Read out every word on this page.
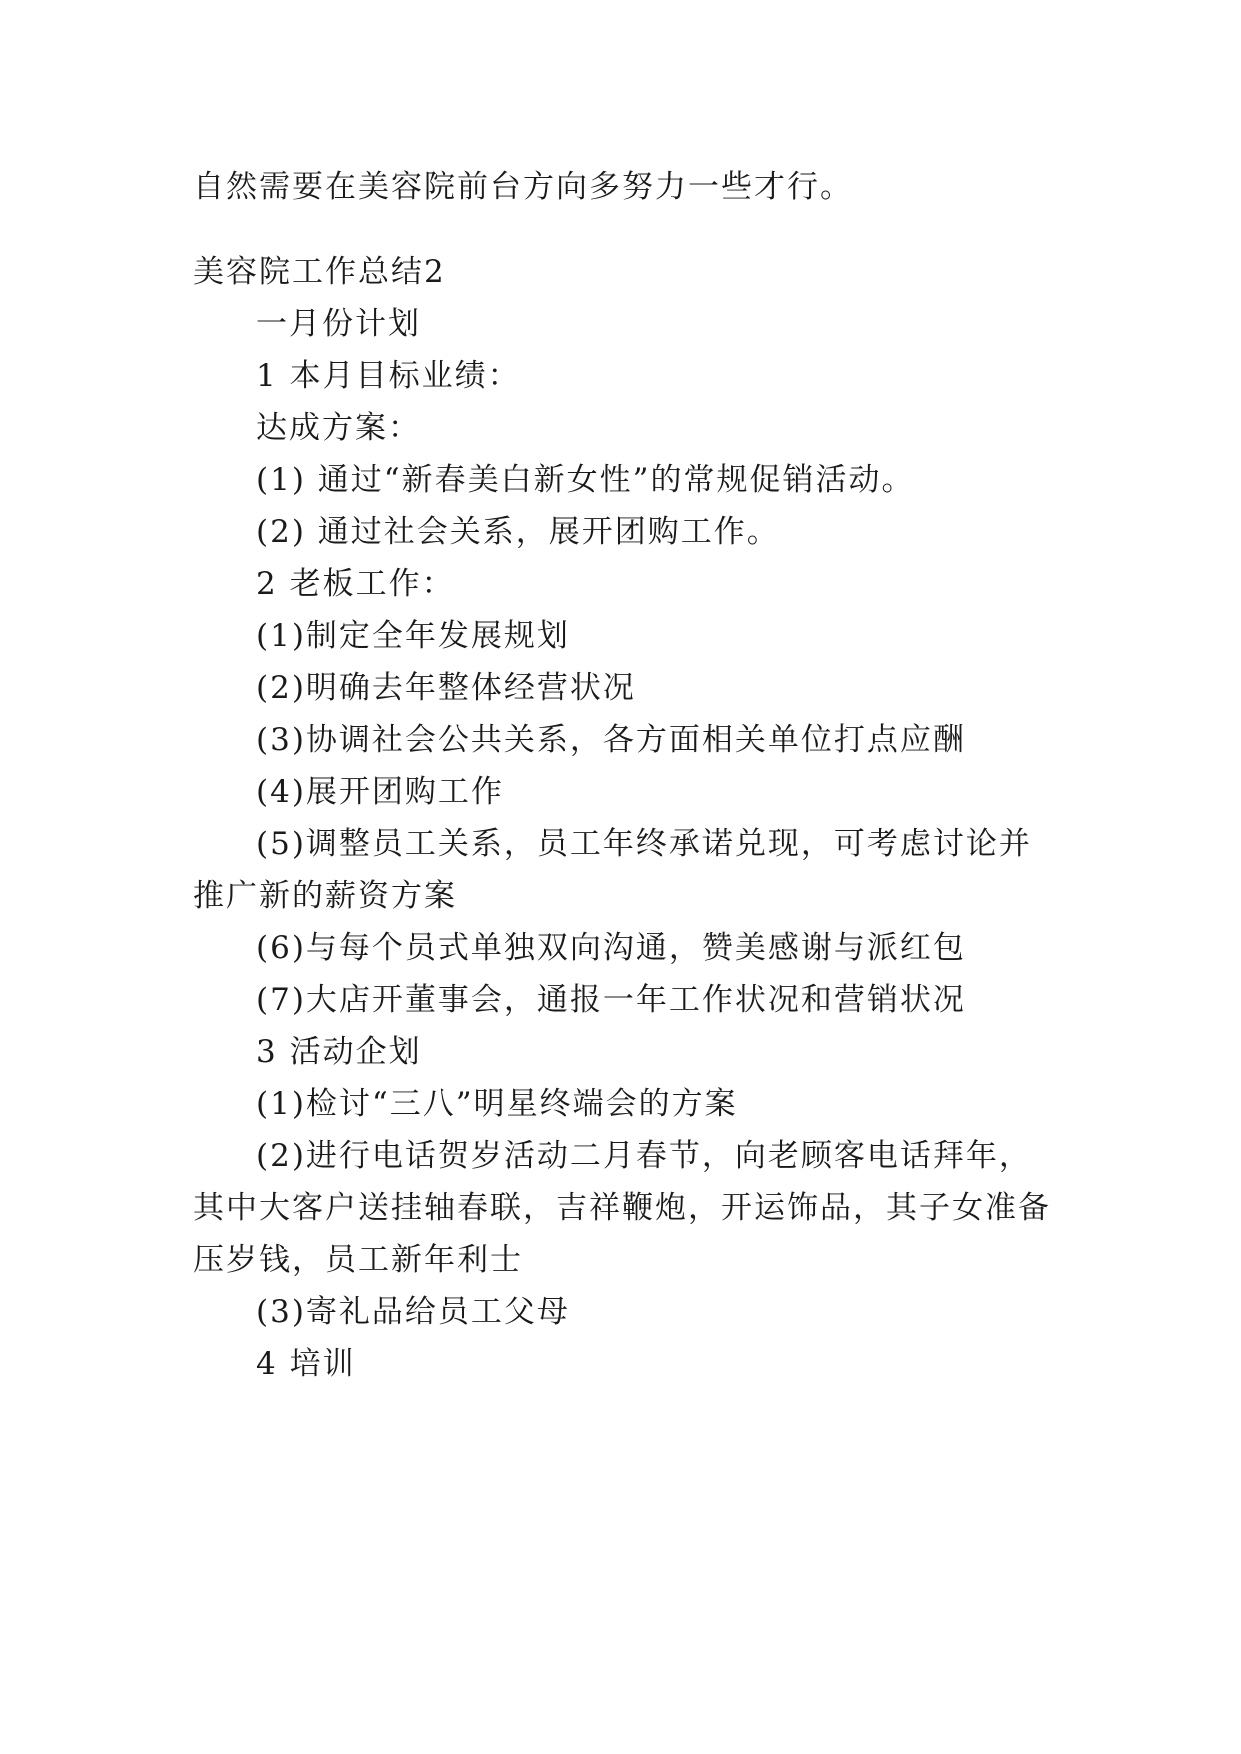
自然需要在美容院前台方向多努力一些才行。
美容院工作总结2
一月份计划
1 本月目标业绩：
达成方案：
(1) 通过“新春美白新女性”的常规促销活动。
(2) 通过社会关系，展开团购工作。
2 老板工作：
(1)制定全年发展规划
(2)明确去年整体经营状况
(3)协调社会公共关系，各方面相关单位打点应酬
(4)展开团购工作
(5)调整员工关系，员工年终承诺兑现，可考虑讨论并
推广新的薪资方案
(6)与每个员式单独双向沟通，赞美感谢与派红包
(7)大店开董事会，通报一年工作状况和营销状况
3 活动企划
(1)检讨“三八”明星终端会的方案
(2)进行电话贺岁活动二月春节，向老顾客电话拜年，
其中大客户送挂轴春联，吉祥鞭炮，开运饰品，其子女准备
压岁钱，员工新年利士
(3)寄礼品给员工父母
4 培训
